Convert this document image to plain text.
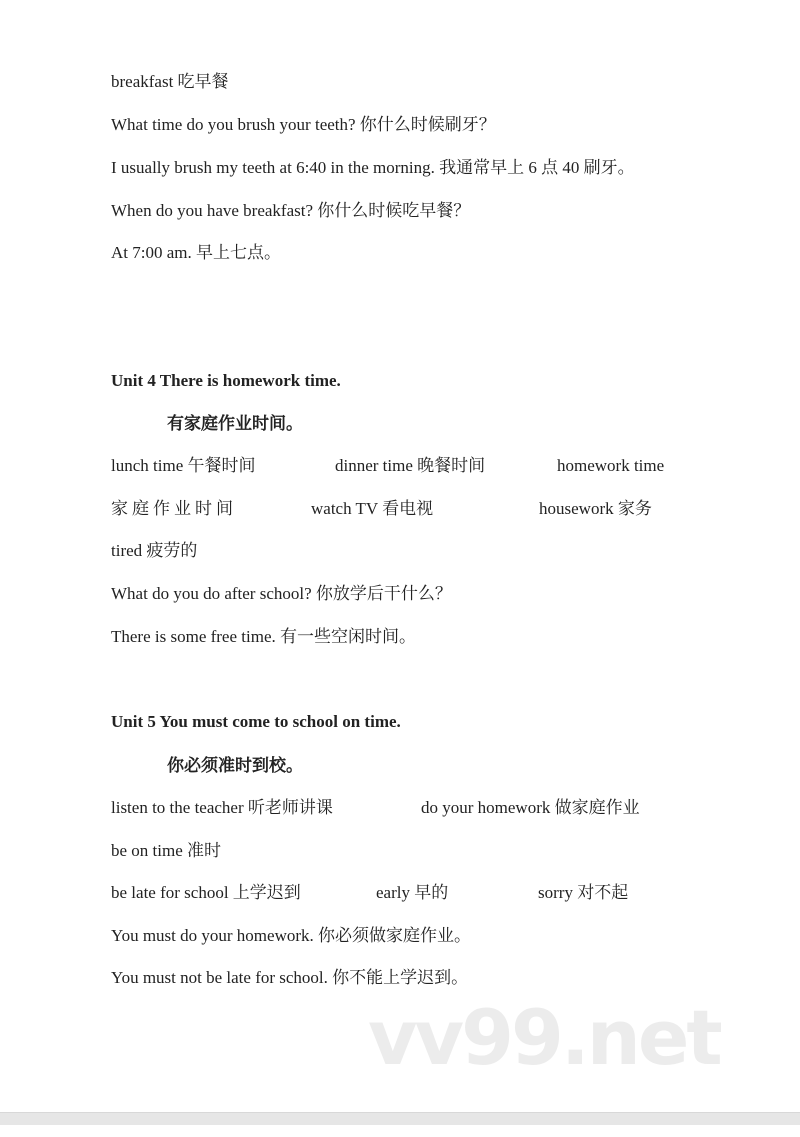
breakfast 吃早餐
What time do you brush your teeth? 你什么时候刷牙？
I usually brush my teeth at 6:40 in the morning. 我通常早上 6 点 40 刷牙。
When do you have breakfast? 你什么时候吃早餐？
At 7:00 am. 早上七点。
Unit 4 There is homework time.
有家庭作业时间。
lunch time 午餐时间	dinner time 晚餐时间	homework time
家庭作业时间	watch TV 看电视	housework 家务
tired 疲劳的
What do you do after school? 你放学后干什么？
There is some free time. 有一些空闲时间。
Unit 5 You must come to school on time.
你必须准时到校。
listen to the teacher 听老师讲课	do your homework 做家庭作业
be on time 准时
be late for school 上学迟到	early 早的	sorry 对不起
You must do your homework. 你必须做家庭作业。
You must not be late for school. 你不能上学迟到。
vv99.net
